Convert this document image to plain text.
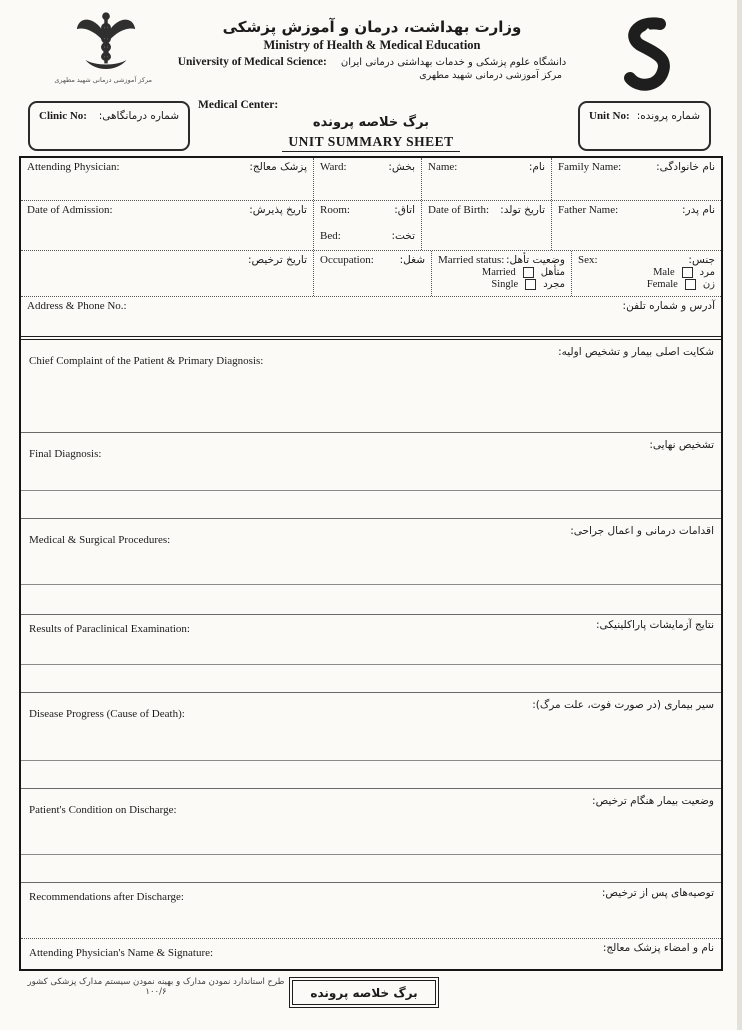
مرکز آموزشی درمانی شهید مطهری
وزارت بهداشت، درمان و آموزش پزشکی
Ministry of Health & Medical Education
University of Medical Science: دانشگاه علوم پزشکی و خدمات بهداشتی درمانی ایران
مرکز آموزشی درمانی شهید مطهری
Medical Center:
Clinic No: شماره درمانگاهی:	Unit No: شماره پرونده:
برگ خلاصه پرونده
UNIT SUMMARY SHEET
Attending Physician:	پزشک معالج: Ward:	بخش: Name:	نام: Family Name:	نام خانوادگی:
Date of Admission:	تاریخ پذیرش: Room:	اتاق:
Bed:	تخت:
Date of Birth: تاریخ تولد: Father Name:	نام پدر:
تاریخ ترخیص: Occupation: شغل: Married status: وضعیت تأهل:
Married	متأهل
Single	مجرد
Sex:	جنس:
Male	مرد
Female	زن
Address & Phone No.:	آدرس و شماره تلفن:
Chief Complaint of the Patient & Primary Diagnosis:
شکایت اصلی بیمار و تشخیص اولیه:
Final Diagnosis:
تشخیص نهایی:
Medical & Surgical Procedures:
اقدامات درمانی و اعمال جراحی:
Results of Paraclinical Examination:	نتایج آزمایشات پاراکلینیکی:
Disease Progress (Cause of Death):
سیر بیماری (در صورت فوت، علت مرگ):
Patient's Condition on Discharge:
وضعیت بیمار هنگام ترخیص:
Recommendations after Discharge:	توصیه‌های پس از ترخیص:
Attending Physician's Name & Signature:	نام و امضاء پزشک معالج:
طرح استاندارد نمودن مدارک و بهینه نمودن سیستم مدارک پزشکی کشور ۱۰۰/۶	برگ خلاصه پرونده
